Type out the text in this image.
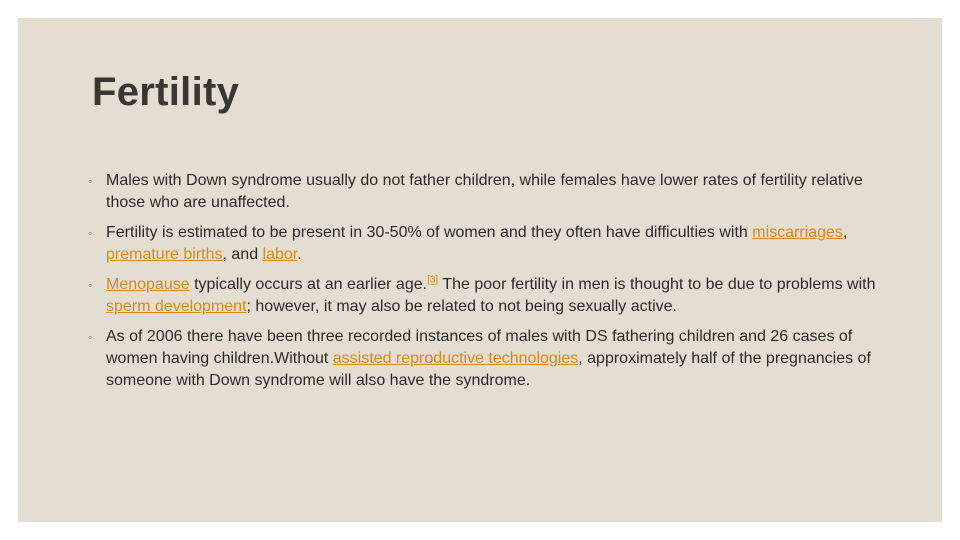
Fertility
◦ Males with Down syndrome usually do not father children, while females have lower rates of fertility relative those who are unaffected.
◦ Fertility is estimated to be present in 30-50% of women and they often have difficulties with miscarriages, premature births, and labor.
◦ Menopause typically occurs at an earlier age.[3] The poor fertility in men is thought to be due to problems with sperm development; however, it may also be related to not being sexually active.
◦ As of 2006 there have been three recorded instances of males with DS fathering children and 26 cases of women having children.Without assisted reproductive technologies, approximately half of the pregnancies of someone with Down syndrome will also have the syndrome.
